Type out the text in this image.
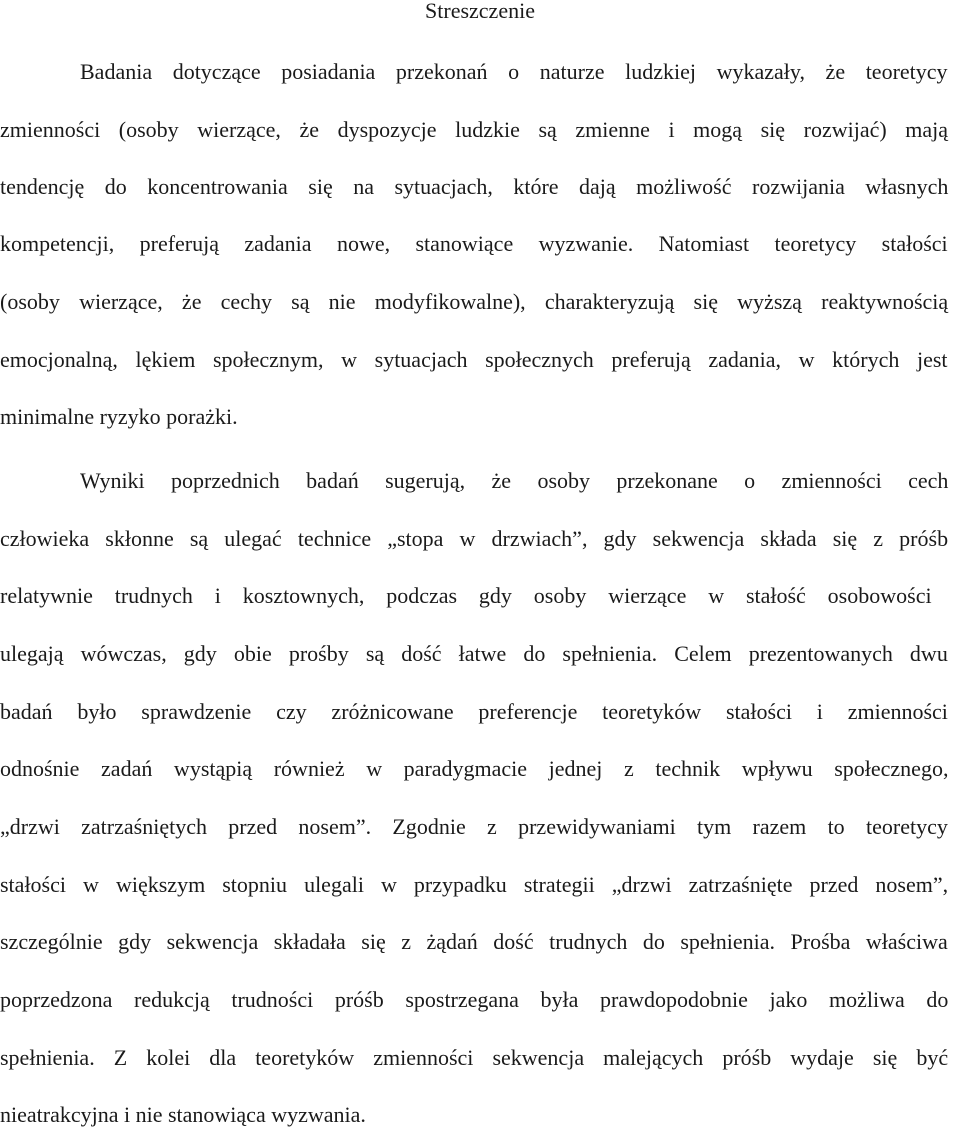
Streszczenie
Badania dotyczące posiadania przekonań o naturze ludzkiej wykazały, że teoretycy
zmienności (osoby wierzące, że dyspozycje ludzkie są zmienne i mogą się rozwijać) mają
tendencję do koncentrowania się na sytuacjach, które dają możliwość rozwijania własnych
kompetencji, preferują zadania nowe, stanowiące wyzwanie. Natomiast teoretycy stałości
(osoby wierzące, że cechy są nie modyfikowalne), charakteryzują się wyższą reaktywnością
emocjonalną, lękiem społecznym, w sytuacjach społecznych preferują zadania, w których jest
minimalne ryzyko porażki.
Wyniki poprzednich badań sugerują, że osoby przekonane o zmienności cech
człowieka skłonne są ulegać technice „stopa w drzwiach”, gdy sekwencja składa się z próśb
relatywnie trudnych i kosztownych, podczas gdy osoby wierzące w stałość osobowości
ulegają wówczas, gdy obie prośby są dość łatwe do spełnienia. Celem prezentowanych dwu
badań było sprawdzenie czy zróżnicowane preferencje teoretyków stałości i zmienności
odnośnie zadań wystąpią również w paradygmacie jednej z technik wpływu społecznego,
„drzwi zatrzaśniętych przed nosem”. Zgodnie z przewidywaniami tym razem to teoretycy
stałości w większym stopniu ulegali w przypadku strategii „drzwi zatrzaśnięte przed nosem”,
szczególnie gdy sekwencja składała się z żądań dość trudnych do spełnienia. Prośba właściwa
poprzedzona redukcją trudności próśb spostrzegana była prawdopodobnie jako możliwa do
spełnienia. Z kolei dla teoretyków zmienności sekwencja malejących próśb wydaje się być
nieatrakcyjna i nie stanowiąca wyzwania.
